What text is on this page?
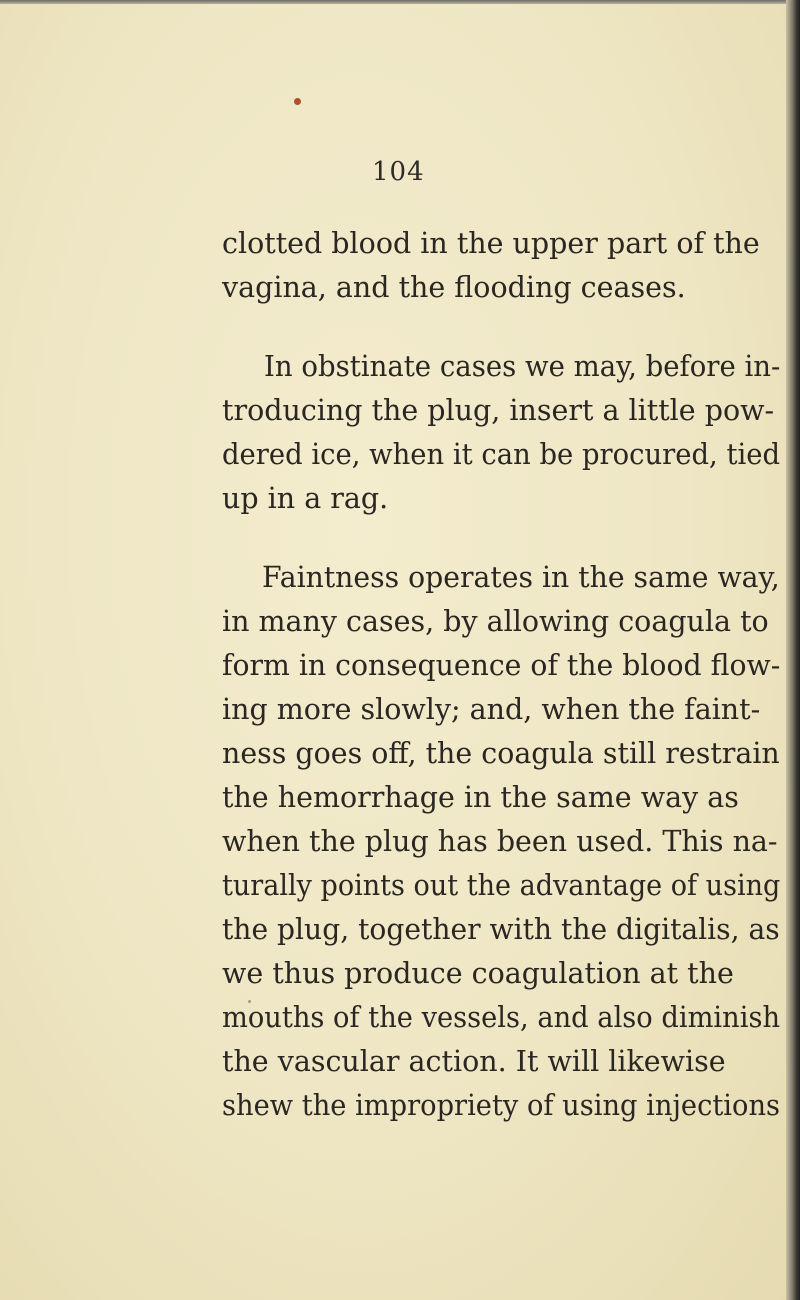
104
clotted blood in the upper part of the
vagina, and the flooding ceases.
In obstinate cases we may, before in-
troducing the plug, insert a little pow-
dered ice, when it can be procured, tied
up in a rag.
Faintness operates in the same way,
in many cases, by allowing coagula to
form in consequence of the blood flow-
ing more slowly; and, when the faint-
ness goes off, the coagula still restrain
the hemorrhage in the same way as
when the plug has been used. This na-
turally points out the advantage of using
the plug, together with the digitalis, as
we thus produce coagulation at the
mouths of the vessels, and also diminish
the vascular action. It will likewise
shew the impropriety of using injections
